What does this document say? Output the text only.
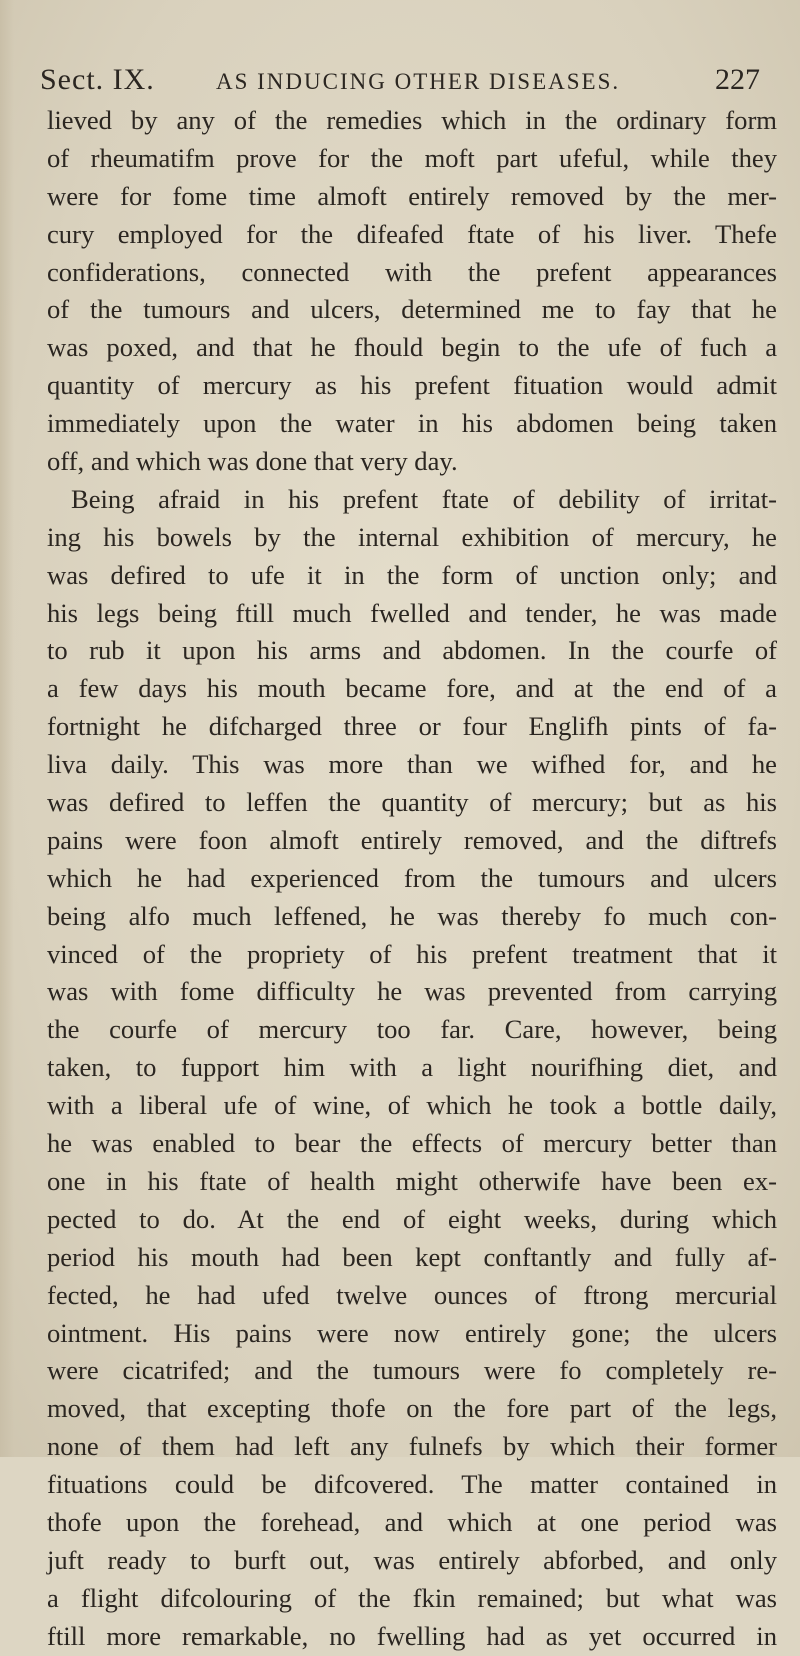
Sect. IX.	AS INDUCING OTHER DISEASES.	227
lieved by any of the remedies which in the ordinary form
of rheumatifm prove for the moft part ufeful, while they
were for fome time almoft entirely removed by the mer-
cury employed for the difeafed ftate of his liver. Thefe
confiderations, connected with the prefent appearances
of the tumours and ulcers, determined me to fay that he
was poxed, and that he fhould begin to the ufe of fuch a
quantity of mercury as his prefent fituation would admit
immediately upon the water in his abdomen being taken
off, and which was done that very day.
Being afraid in his prefent ftate of debility of irritat-
ing his bowels by the internal exhibition of mercury, he
was defired to ufe it in the form of unction only; and
his legs being ftill much fwelled and tender, he was made
to rub it upon his arms and abdomen. In the courfe of
a few days his mouth became fore, and at the end of a
fortnight he difcharged three or four Englifh pints of fa-
liva daily. This was more than we wifhed for, and he
was defired to leffen the quantity of mercury; but as his
pains were foon almoft entirely removed, and the diftrefs
which he had experienced from the tumours and ulcers
being alfo much leffened, he was thereby fo much con-
vinced of the propriety of his prefent treatment that it
was with fome difficulty he was prevented from carrying
the courfe of mercury too far. Care, however, being
taken, to fupport him with a light nourifhing diet, and
with a liberal ufe of wine, of which he took a bottle daily,
he was enabled to bear the effects of mercury better than
one in his ftate of health might otherwife have been ex-
pected to do. At the end of eight weeks, during which
period his mouth had been kept conftantly and fully af-
fected, he had ufed twelve ounces of ftrong mercurial
ointment. His pains were now entirely gone; the ulcers
were cicatrifed; and the tumours were fo completely re-
moved, that excepting thofe on the fore part of the legs,
none of them had left any fulnefs by which their former
fituations could be difcovered. The matter contained in
thofe upon the forehead, and which at one period was
juft ready to burft out, was entirely abforbed, and only
a flight difcolouring of the fkin remained; but what was
ftill more remarkable, no fwelling had as yet occurred in
